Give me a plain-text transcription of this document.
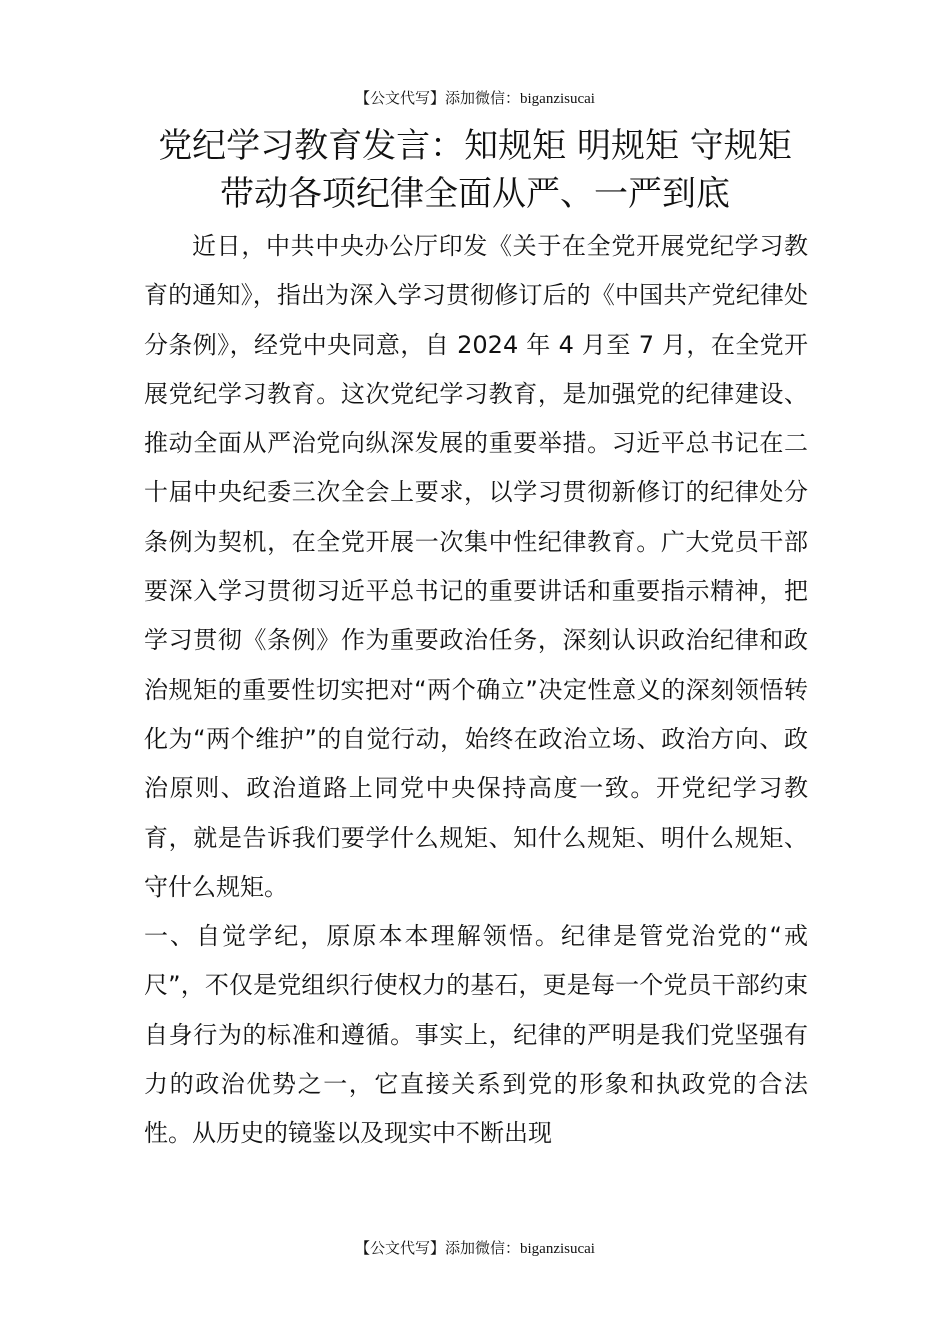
【公文代写】添加微信：biganzisucai
党纪学习教育发言：知规矩 明规矩 守规矩
带动各项纪律全面从严、一严到底

近日，中共中央办公厅印发《关于在全党开展党纪学习教育的通知》，指出为深入学习贯彻修订后的《中国共产党纪律处分条例》，经党中央同意，自 2024 年 4 月至 7 月，在全党开展党纪学习教育。这次党纪学习教育，是加强党的纪律建设、推动全面从严治党向纵深发展的重要举措。习近平总书记在二十届中央纪委三次全会上要求，以学习贯彻新修订的纪律处分条例为契机，在全党开展一次集中性纪律教育。广大党员干部要深入学习贯彻习近平总书记的重要讲话和重要指示精神，把学习贯彻《条例》作为重要政治任务，深刻认识政治纪律和政治规矩的重要性切实把对“两个确立”决定性意义的深刻领悟转化为“两个维护”的自觉行动，始终在政治立场、政治方向、政治原则、政治道路上同党中央保持高度一致。开党纪学习教育，就是告诉我们要学什么规矩、知什么规矩、明什么规矩、守什么规矩。

一、自觉学纪，原原本本理解领悟。纪律是管党治党的“戒尺”，不仅是党组织行使权力的基石，更是每一个党员干部约束自身行为的标准和遵循。事实上，纪律的严明是我们党坚强有力的政治优势之一，它直接关系到党的形象和执政党的合法性。从历史的镜鉴以及现实中不断出现

【公文代写】添加微信：biganzisucai
